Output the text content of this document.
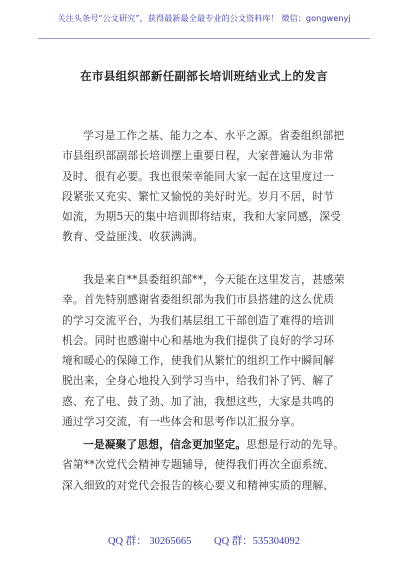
关注头条号“公文研究”，获得最新最全最专业的公文资料库！ 微信：gongwenyj
在市县组织部新任副部长培训班结业式上的发言
学习是工作之基、能力之本、水平之源。省委组织部把
市县组织部副部长培训摆上重要日程，大家普遍认为非常
及时、很有必要。我也很荣幸能同大家一起在这里度过一
段紧张又充实、繁忙又愉悦的美好时光。岁月不居，时节
如流，为期5天的集中培训即将结束，我和大家同感，深受
教育、受益匪浅、收获满满。
我是来自**县委组织部**，今天能在这里发言，甚感荣
幸。首先特别感谢省委组织部为我们市县搭建的这么优质
的学习交流平台，为我们基层组工干部创造了难得的培训
机会。同时也感谢中心和基地为我们提供了良好的学习环
境和暖心的保障工作，使我们从繁忙的组织工作中瞬间解
脱出来，全身心地投入到学习当中，给我们补了钙、解了
惑、充了电、鼓了劲、加了油，我想这些，大家是共鸣的
通过学习交流，有一些体会和思考作以汇报分享。
一是凝聚了思想，信念更加坚定。思想是行动的先导。
省第**次党代会精神专题辅导，使得我们再次全面系统、
深入细致的对党代会报告的核心要义和精神实质的理解、
QQ 群： 30265665 QQ 群：535304092
